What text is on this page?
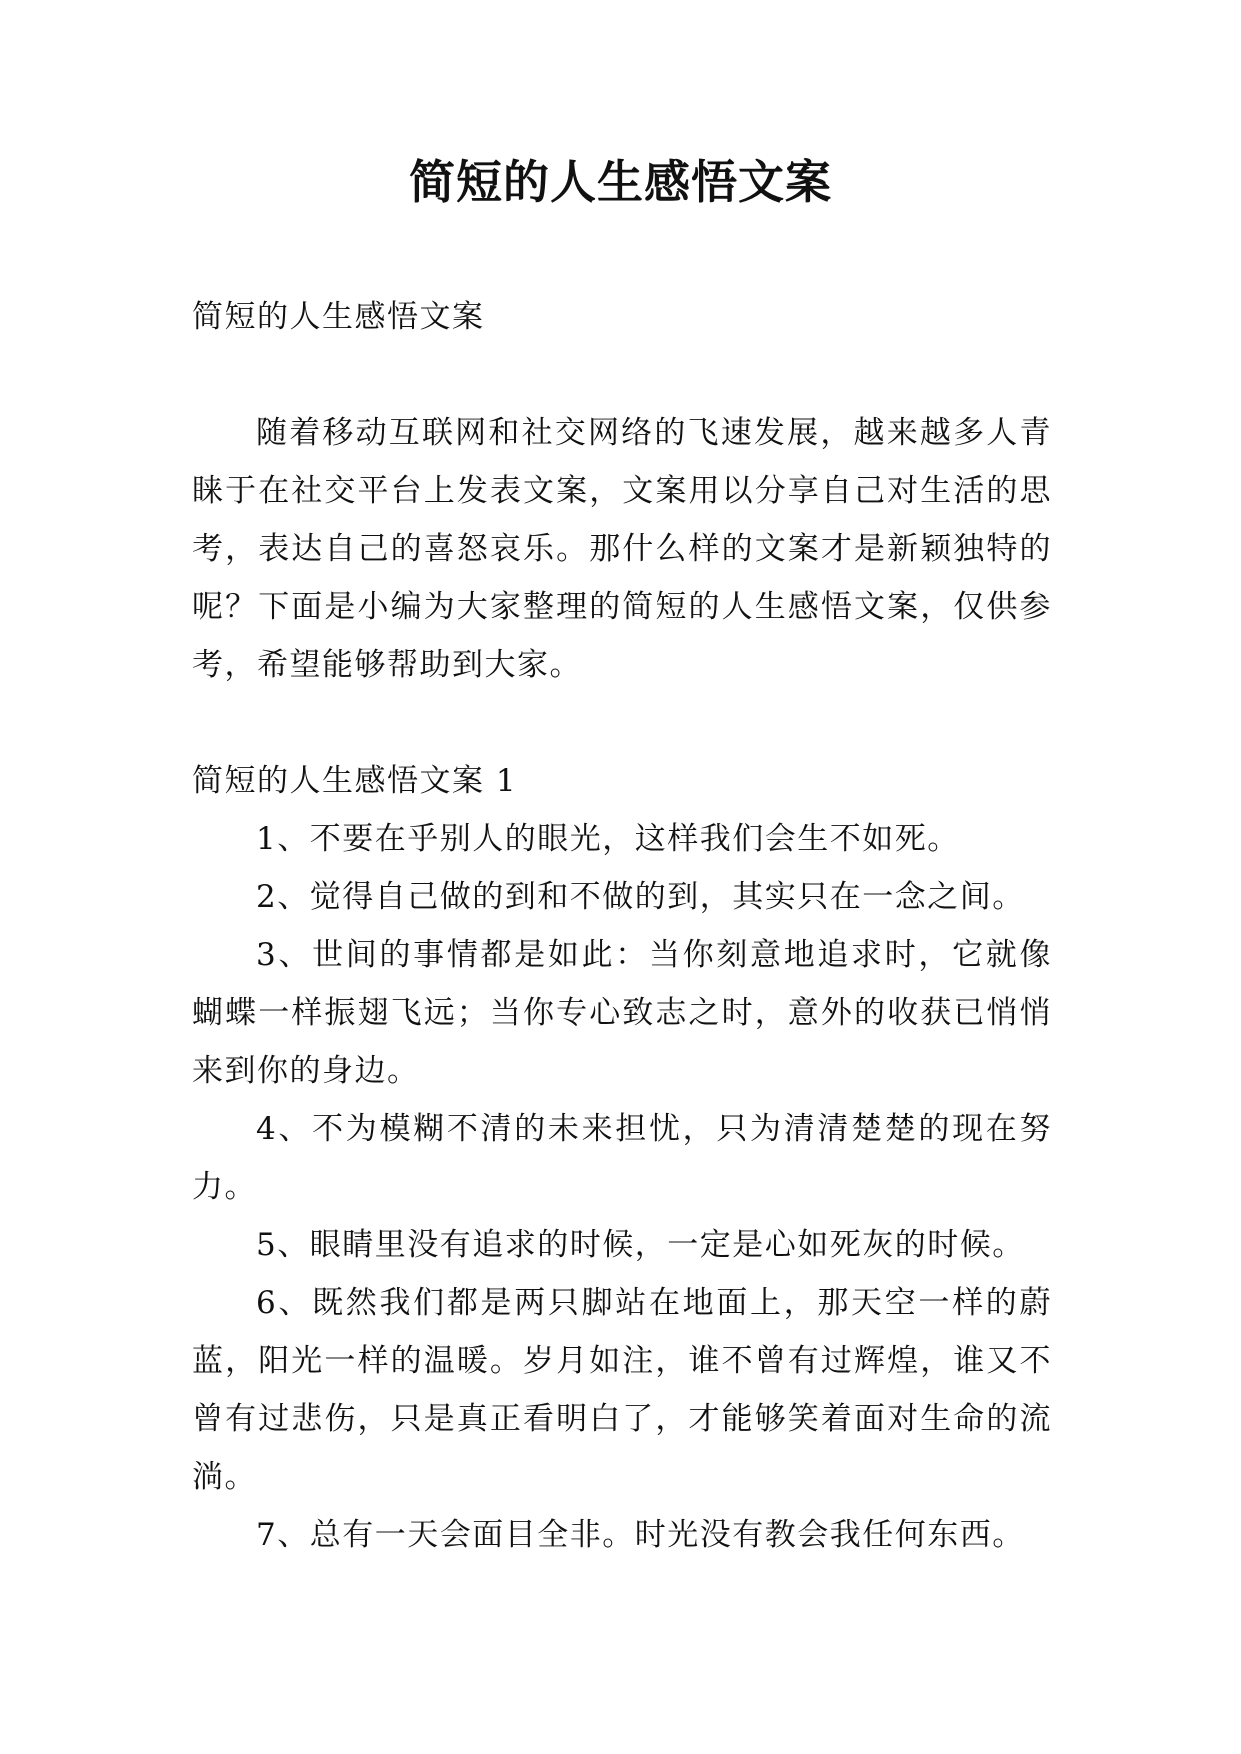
简短的人生感悟文案

简短的人生感悟文案

随着移动互联网和社交网络的飞速发展，越来越多人青睐于在社交平台上发表文案，文案用以分享自己对生活的思考，表达自己的喜怒哀乐。那什么样的文案才是新颖独特的呢？下面是小编为大家整理的简短的人生感悟文案，仅供参考，希望能够帮助到大家。

简短的人生感悟文案 1

1、不要在乎别人的眼光，这样我们会生不如死。

2、觉得自己做的到和不做的到，其实只在一念之间。

3、世间的事情都是如此：当你刻意地追求时，它就像蝴蝶一样振翅飞远；当你专心致志之时，意外的收获已悄悄来到你的身边。

4、不为模糊不清的未来担忧，只为清清楚楚的现在努力。

5、眼睛里没有追求的时候，一定是心如死灰的时候。

6、既然我们都是两只脚站在地面上，那天空一样的蔚蓝，阳光一样的温暖。岁月如注，谁不曾有过辉煌，谁又不曾有过悲伤，只是真正看明白了，才能够笑着面对生命的流淌。

7、总有一天会面目全非。时光没有教会我任何东西。
